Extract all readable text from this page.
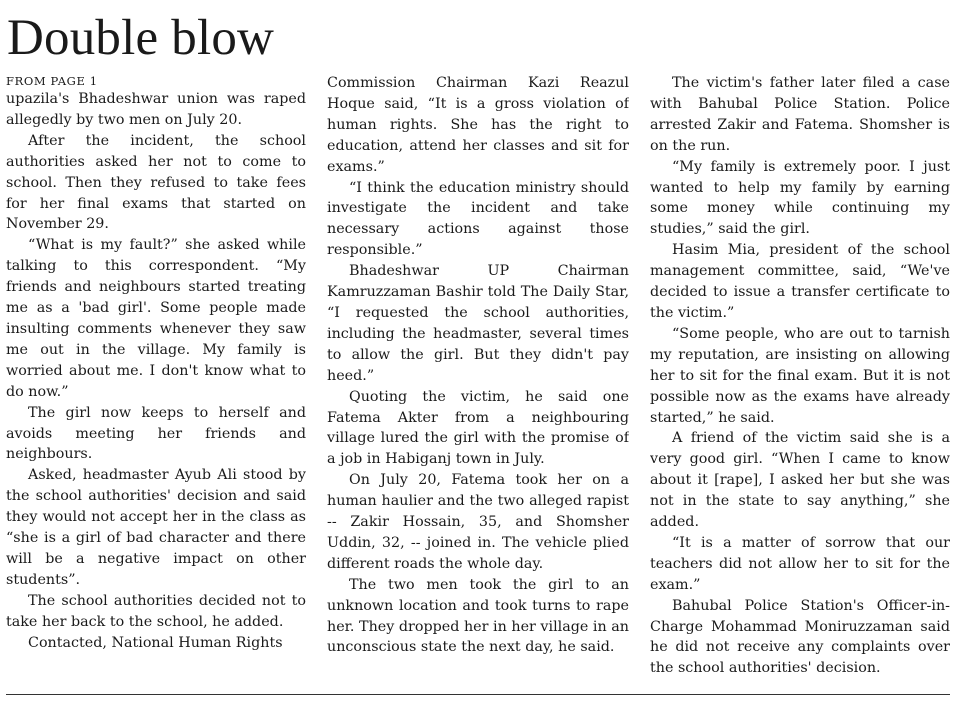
Double blow

FROM PAGE 1

upazila's Bhadeshwar union was raped allegedly by two men on July 20.

After the incident, the school authorities asked her not to come to school. Then they refused to take fees for her final exams that started on November 29.

“What is my fault?” she asked while talking to this correspondent. “My friends and neighbours started treating me as a 'bad girl'. Some people made insulting comments whenever they saw me out in the village. My family is worried about me. I don't know what to do now.”

The girl now keeps to herself and avoids meeting her friends and neighbours.

Asked, headmaster Ayub Ali stood by the school authorities' decision and said they would not accept her in the class as “she is a girl of bad character and there will be a negative impact on other students”.

The school authorities decided not to take her back to the school, he added.

Contacted, National Human Rights

Commission Chairman Kazi Reazul Hoque said, “It is a gross violation of human rights. She has the right to education, attend her classes and sit for exams.”

“I think the education ministry should investigate the incident and take necessary actions against those responsible.”

Bhadeshwar UP Chairman Kamruzzaman Bashir told The Daily Star, “I requested the school authorities, including the headmaster, several times to allow the girl. But they didn't pay heed.”

Quoting the victim, he said one Fatema Akter from a neighbouring village lured the girl with the promise of a job in Habiganj town in July.

On July 20, Fatema took her on a human haulier and the two alleged rapist -- Zakir Hossain, 35, and Shomsher Uddin, 32, -- joined in. The vehicle plied different roads the whole day.

The two men took the girl to an unknown location and took turns to rape her. They dropped her in her village in an unconscious state the next day, he said.

The victim's father later filed a case with Bahubal Police Station. Police arrested Zakir and Fatema. Shomsher is on the run.

“My family is extremely poor. I just wanted to help my family by earning some money while continuing my studies,” said the girl.

Hasim Mia, president of the school management committee, said, “We've decided to issue a transfer certificate to the victim.”

“Some people, who are out to tarnish my reputation, are insisting on allowing her to sit for the final exam. But it is not possible now as the exams have already started,” he said.

A friend of the victim said she is a very good girl. “When I came to know about it [rape], I asked her but she was not in the state to say anything,” she added.

“It is a matter of sorrow that our teachers did not allow her to sit for the exam.”

Bahubal Police Station's Officer-in-Charge Mohammad Moniruzzaman said he did not receive any complaints over the school authorities' decision.
